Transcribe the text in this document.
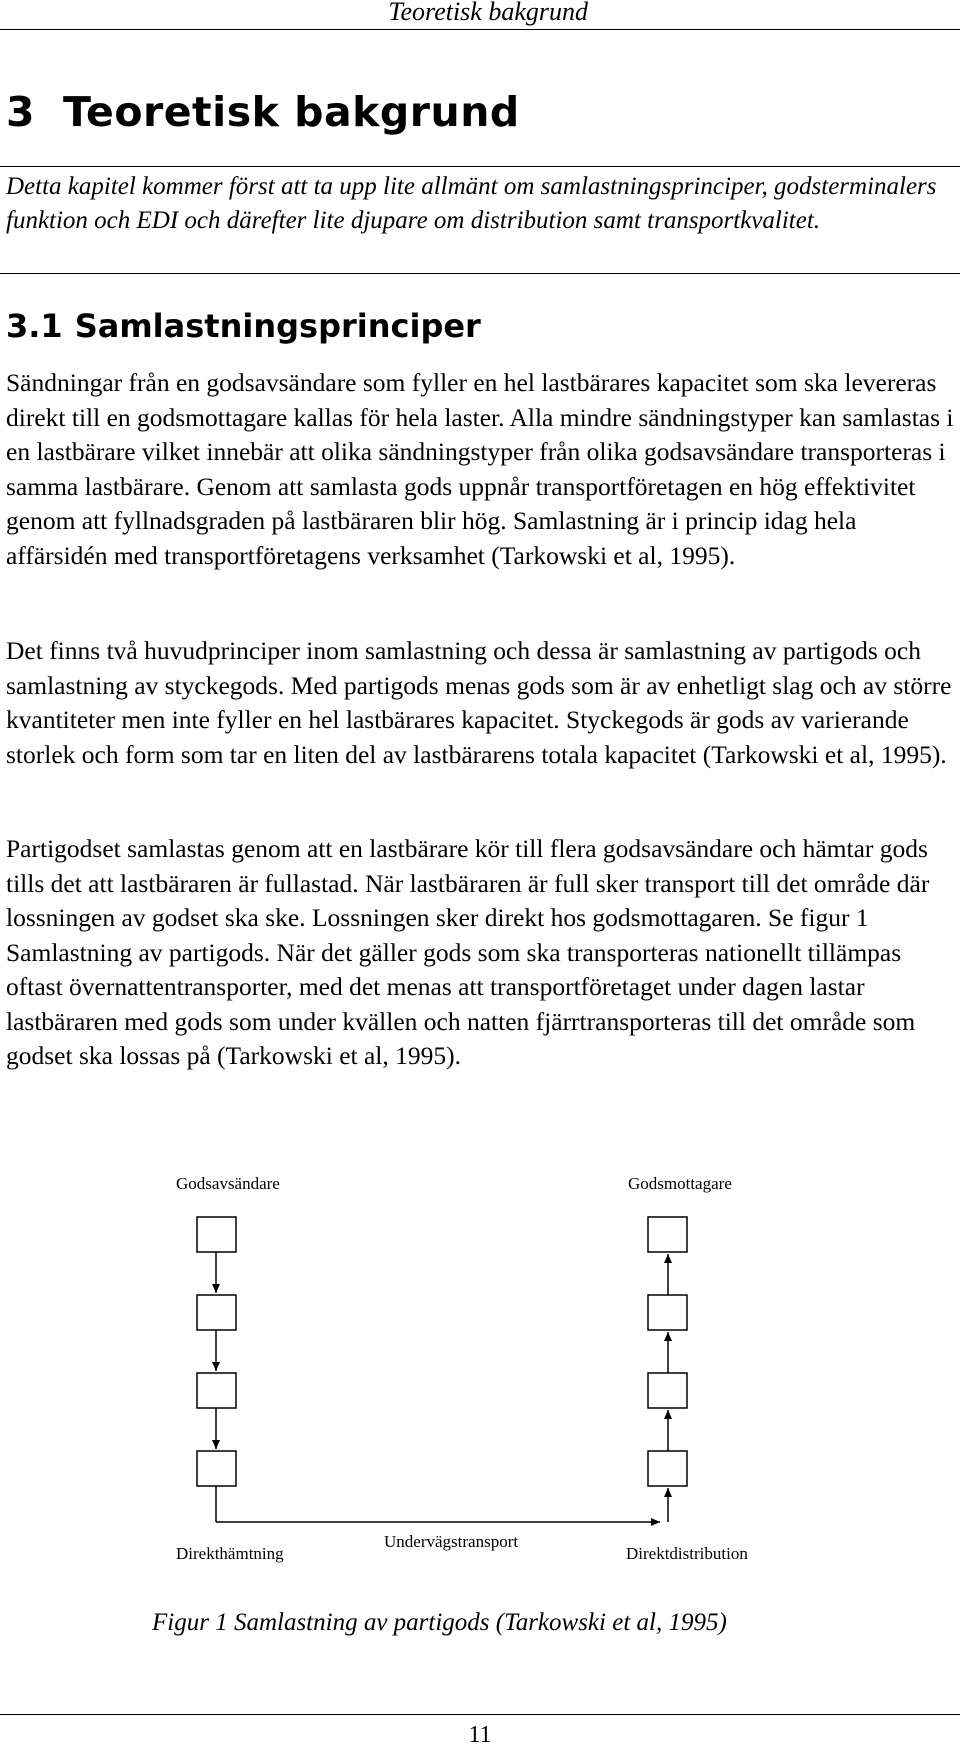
Teoretisk bakgrund
3 Teoretisk bakgrund
Detta kapitel kommer först att ta upp lite allmänt om samlastningsprinciper, godsterminalers funktion och EDI och därefter lite djupare om distribution samt transportkvalitet.
3.1 Samlastningsprinciper
Sändningar från en godsavsändare som fyller en hel lastbärares kapacitet som ska levereras direkt till en godsmottagare kallas för hela laster. Alla mindre sändningstyper kan samlastas i en lastbärare vilket innebär att olika sändningstyper från olika godsavsändare transporteras i samma lastbärare. Genom att samlasta gods uppnår transportföretagen en hög effektivitet genom att fyllnadsgraden på lastbäraren blir hög. Samlastning är i princip idag hela affärsidén med transportföretagens verksamhet (Tarkowski et al, 1995).
Det finns två huvudprinciper inom samlastning och dessa är samlastning av partigods och samlastning av styckegods. Med partigods menas gods som är av enhetligt slag och av större kvantiteter men inte fyller en hel lastbärares kapacitet. Styckegods är gods av varierande storlek och form som tar en liten del av lastbärarens totala kapacitet (Tarkowski et al, 1995).
Partigodset samlastas genom att en lastbärare kör till flera godsavsändare och hämtar gods tills det att lastbäraren är fullastad. När lastbäraren är full sker transport till det område där lossningen av godset ska ske. Lossningen sker direkt hos godsmottagaren. Se figur 1 Samlastning av partigods. När det gäller gods som ska transporteras nationellt tillämpas oftast övernattentransporter, med det menas att transportföretaget under dagen lastar lastbäraren med gods som under kvällen och natten fjärrtransporteras till det område som godset ska lossas på (Tarkowski et al, 1995).
Godsavsändare	Godsmottagare
Direkthämtning
Undervägstransport
Direktdistribution
Figur 1 Samlastning av partigods (Tarkowski et al, 1995)
11
